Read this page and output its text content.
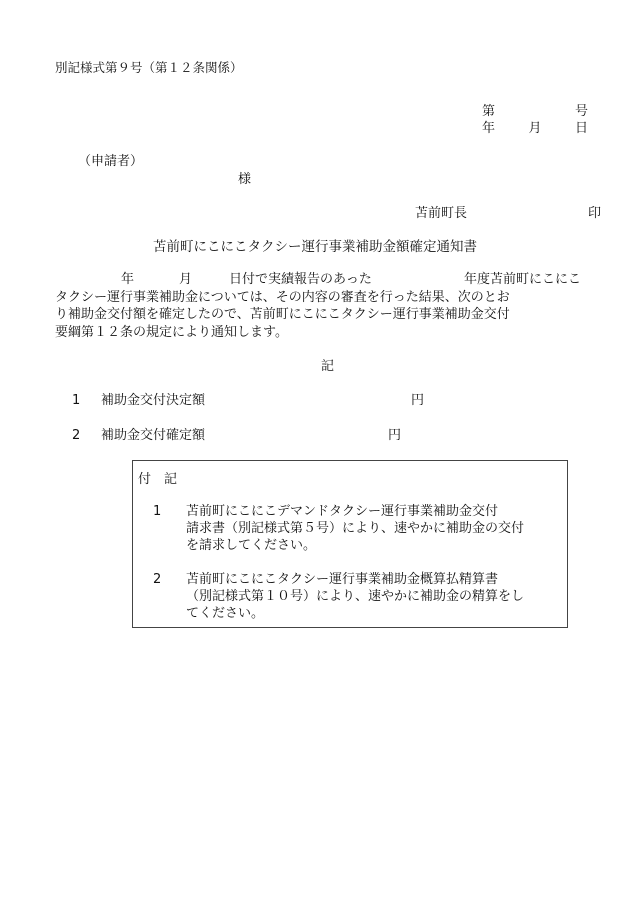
別記様式第９号（第１２条関係）
第	号
年	月	日
（申請者）
様
苫前町長	印
苫前町にこにこタクシー運行事業補助金額確定通知書
年	月	日付で実績報告のあった	年度苫前町にこにこ
タクシー運行事業補助金については、その内容の審査を行った結果、次のとお
り補助金交付額を確定したので、苫前町にこにこタクシー運行事業補助金交付
要綱第１２条の規定により通知します。
記
1 補助金交付決定額	円
2 補助金交付確定額	円
付　記
1 苫前町にこにこデマンドタクシー運行事業補助金交付
請求書（別記様式第５号）により、速やかに補助金の交付
を請求してください。
2 苫前町にこにこタクシー運行事業補助金概算払精算書
（別記様式第１０号）により、速やかに補助金の精算をし
てください。
